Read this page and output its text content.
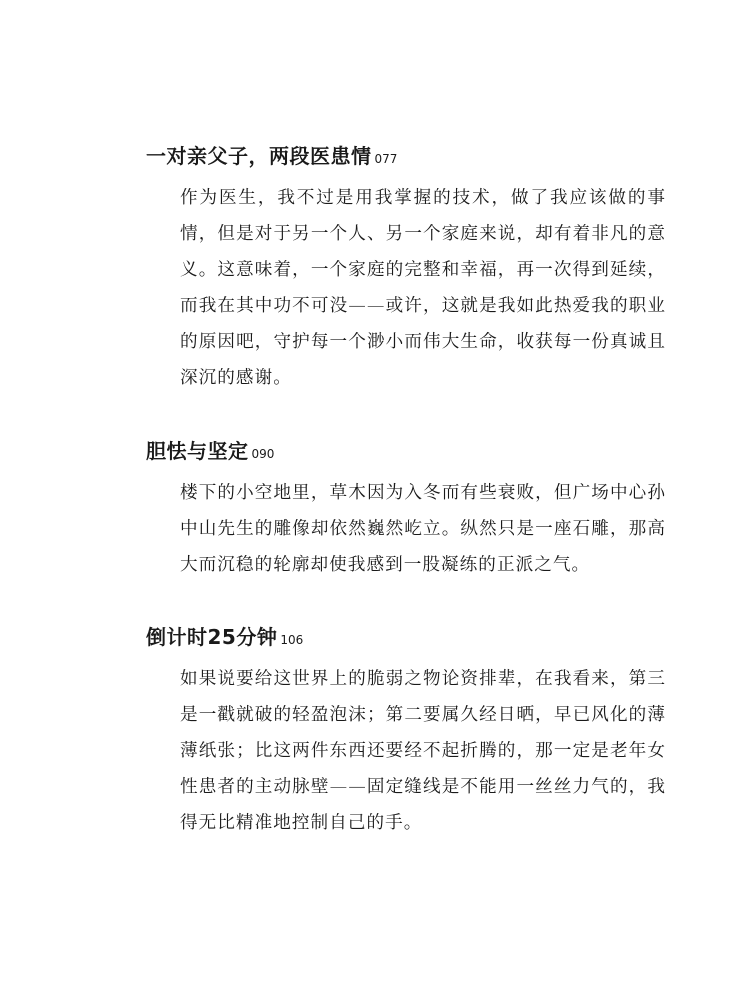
一对亲父子，两段医患情 077

作为医生，我不过是用我掌握的技术，做了我应该做的事情，但是对于另一个人、另一个家庭来说，却有着非凡的意义。这意味着，一个家庭的完整和幸福，再一次得到延续，而我在其中功不可没——或许，这就是我如此热爱我的职业的原因吧，守护每一个渺小而伟大生命，收获每一份真诚且深沉的感谢。

胆怯与坚定 090

楼下的小空地里，草木因为入冬而有些衰败，但广场中心孙中山先生的雕像却依然巍然屹立。纵然只是一座石雕，那高大而沉稳的轮廓却使我感到一股凝练的正派之气。

倒计时25分钟 106

如果说要给这世界上的脆弱之物论资排辈，在我看来，第三是一戳就破的轻盈泡沫；第二要属久经日晒，早已风化的薄薄纸张；比这两件东西还要经不起折腾的，那一定是老年女性患者的主动脉壁——固定缝线是不能用一丝丝力气的，我得无比精准地控制自己的手。
